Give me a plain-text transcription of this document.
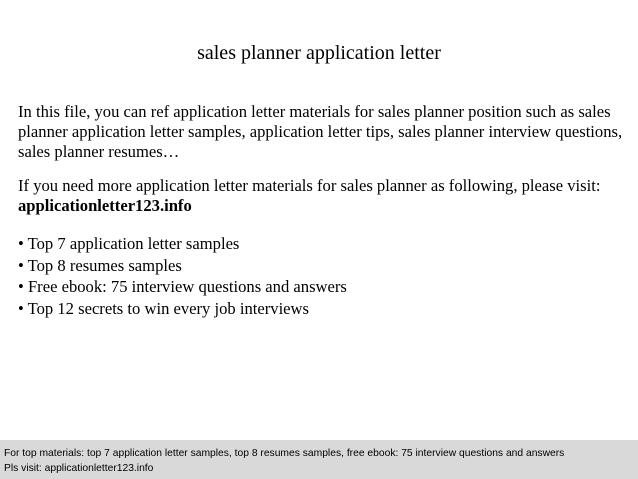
sales planner application letter

In this file, you can ref application letter materials for sales planner position such as sales planner application letter samples, application letter tips, sales planner interview questions, sales planner resumes…

If you need more application letter materials for sales planner as following, please visit: applicationletter123.info

• Top 7 application letter samples
• Top 8 resumes samples
• Free ebook: 75 interview questions and answers
• Top 12 secrets to win every job interviews
For top materials: top 7 application letter samples, top 8 resumes samples, free ebook: 75 interview questions and answers
Pls visit: applicationletter123.info
